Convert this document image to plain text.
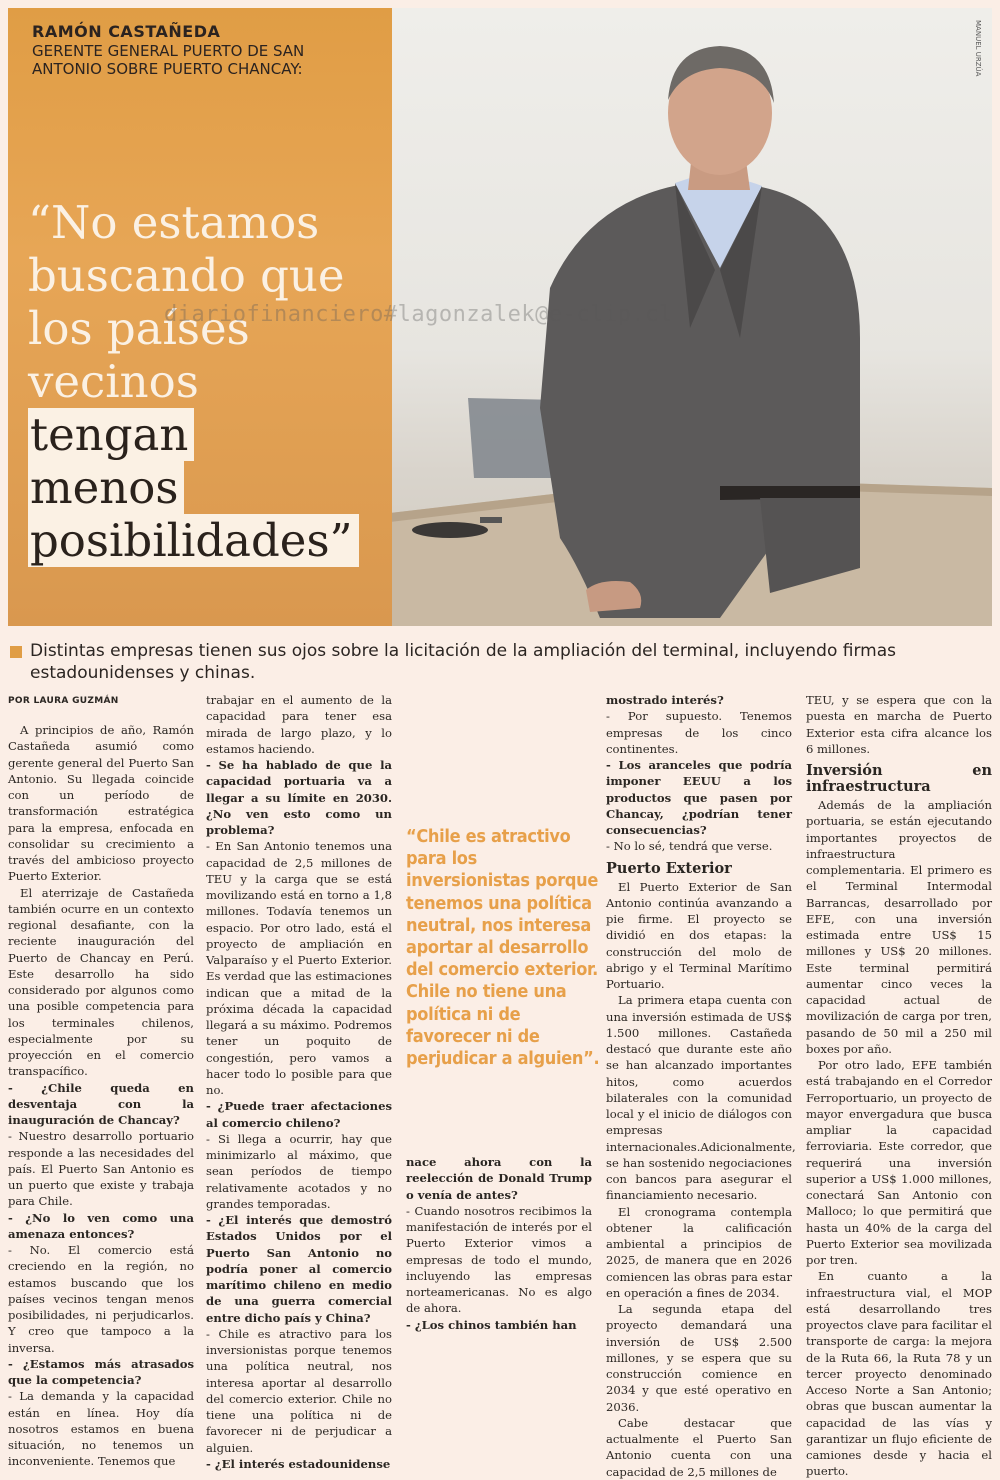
RAMÓN CASTAÑEDA

GERENTE GENERAL PUERTO DE SAN ANTONIO SOBRE PUERTO CHANCAY:

“No estamos
buscando que
los países
vecinos
tengan
menos
posibilidades”
diariofinanciero#lagonzalek@e-clip.cl

Distintas empresas tienen sus ojos sobre la licitación de la ampliación del terminal, incluyendo firmas estadounidenses y chinas.

POR LAURA GUZMÁN

A principios de año, Ramón Castañeda asumió como gerente general del Puerto San Antonio. Su llegada coincide con un período de transformación estratégica para la empresa, enfocada en consolidar su crecimiento a través del ambicioso proyecto Puerto Exterior.

El aterrizaje de Castañeda también ocurre en un contexto regional desafiante, con la reciente inauguración del Puerto de Chancay en Perú. Este desarrollo ha sido considerado por algunos como una posible competencia para los terminales chilenos, especialmente por su proyección en el comercio transpacífico.

- ¿Chile queda en desventaja con la inauguración de Chancay?

- Nuestro desarrollo portuario responde a las necesidades del país. El Puerto San Antonio es un puerto que existe y trabaja para Chile.

- ¿No lo ven como una amenaza entonces?

- No. El comercio está creciendo en la región, no estamos buscando que los países vecinos tengan menos posibilidades, ni perjudicarlos. Y creo que tampoco a la inversa.

- ¿Estamos más atrasados que la competencia?

- La demanda y la capacidad están en línea. Hoy día nosotros estamos en buena situación, no tenemos un inconveniente. Tenemos que

trabajar en el aumento de la capacidad para tener esa mirada de largo plazo, y lo estamos haciendo.

- Se ha hablado de que la capacidad portuaria va a llegar a su límite en 2030. ¿No ven esto como un problema?

- En San Antonio tenemos una capacidad de 2,5 millones de TEU y la carga que se está movilizando está en torno a 1,8 millones. Todavía tenemos un espacio. Por otro lado, está el proyecto de ampliación en Valparaíso y el Puerto Exterior. Es verdad que las estimaciones indican que a mitad de la próxima década la capacidad llegará a su máximo. Podremos tener un poquito de congestión, pero vamos a hacer todo lo posible para que no.

- ¿Puede traer afectaciones al comercio chileno?

- Si llega a ocurrir, hay que minimizarlo al máximo, que sean períodos de tiempo relativamente acotados y no grandes temporadas.

- ¿El interés que demostró Estados Unidos por el Puerto San Antonio no podría poner al comercio marítimo chileno en medio de una guerra comercial entre dicho país y China?

- Chile es atractivo para los inversionistas porque tenemos una política neutral, nos interesa aportar al desarrollo del comercio exterior. Chile no tiene una política ni de favorecer ni de perjudicar a alguien.

- ¿El interés estadounidense

“Chile es atractivo para los inversionistas porque tenemos una política neutral, nos interesa aportar al desarrollo del comercio exterior. Chile no tiene una política ni de favorecer ni de perjudicar a alguien”.

nace ahora con la reelección de Donald Trump o venía de antes?

- Cuando nosotros recibimos la manifestación de interés por el Puerto Exterior vimos a empresas de todo el mundo, incluyendo las empresas norteamericanas. No es algo de ahora.

- ¿Los chinos también han

mostrado interés?

- Por supuesto. Tenemos empresas de los cinco continentes.

- Los aranceles que podría imponer EEUU a los productos que pasen por Chancay, ¿podrían tener consecuencias?

- No lo sé, tendrá que verse.

Puerto Exterior

El Puerto Exterior de San Antonio continúa avanzando a pie firme. El proyecto se dividió en dos etapas: la construcción del molo de abrigo y el Terminal Marítimo Portuario.

La primera etapa cuenta con una inversión estimada de US$ 1.500 millones. Castañeda destacó que durante este año se han alcanzado importantes hitos, como acuerdos bilaterales con la comunidad local y el inicio de diálogos con empresas internacionales.Adicionalmente, se han sostenido negociaciones con bancos para asegurar el financiamiento necesario.

El cronograma contempla obtener la calificación ambiental a principios de 2025, de manera que en 2026 comiencen las obras para estar en operación a fines de 2034.

La segunda etapa del proyecto demandará una inversión de US$ 2.500 millones, y se espera que su construcción comience en 2034 y que esté operativo en 2036.

Cabe destacar que actualmente el Puerto San Antonio cuenta con una capacidad de 2,5 millones de

TEU, y se espera que con la puesta en marcha de Puerto Exterior esta cifra alcance los 6 millones.

Inversión en infraestructura

Además de la ampliación portuaria, se están ejecutando importantes proyectos de infraestructura complementaria. El primero es el Terminal Intermodal Barrancas, desarrollado por EFE, con una inversión estimada entre US$ 15 millones y US$ 20 millones. Este terminal permitirá aumentar cinco veces la capacidad actual de movilización de carga por tren, pasando de 50 mil a 250 mil boxes por año.

Por otro lado, EFE también está trabajando en el Corredor Ferroportuario, un proyecto de mayor envergadura que busca ampliar la capacidad ferroviaria. Este corredor, que requerirá una inversión superior a US$ 1.000 millones, conectará San Antonio con Malloco; lo que permitirá que hasta un 40% de la carga del Puerto Exterior sea movilizada por tren.

En cuanto a la infraestructura vial, el MOP está desarrollando tres proyectos clave para facilitar el transporte de carga: la mejora de la Ruta 66, la Ruta 78 y un tercer proyecto denominado Acceso Norte a San Antonio; obras que buscan aumentar la capacidad de las vías y garantizar un flujo eficiente de camiones desde y hacia el puerto.
